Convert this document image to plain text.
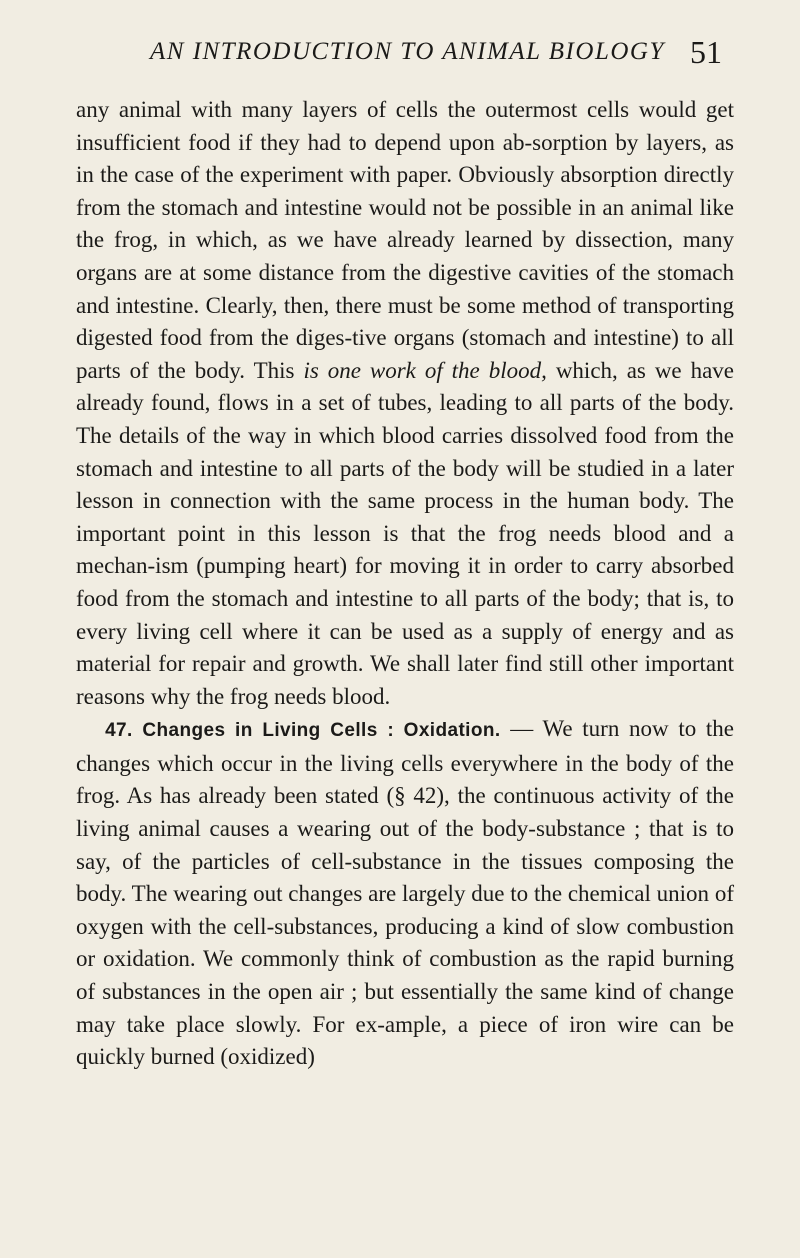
AN INTRODUCTION TO ANIMAL BIOLOGY 51

any animal with many layers of cells the outermost cells would get insufficient food if they had to depend upon ab-sorption by layers, as in the case of the experiment with paper. Obviously absorption directly from the stomach and intestine would not be possible in an animal like the frog, in which, as we have already learned by dissection, many organs are at some distance from the digestive cavities of the stomach and intestine. Clearly, then, there must be some method of transporting digested food from the diges-tive organs (stomach and intestine) to all parts of the body. This is one work of the blood, which, as we have already found, flows in a set of tubes, leading to all parts of the body. The details of the way in which blood carries dissolved food from the stomach and intestine to all parts of the body will be studied in a later lesson in connection with the same process in the human body. The important point in this lesson is that the frog needs blood and a mechan-ism (pumping heart) for moving it in order to carry absorbed food from the stomach and intestine to all parts of the body; that is, to every living cell where it can be used as a supply of energy and as material for repair and growth. We shall later find still other important reasons why the frog needs blood.

47. Changes in Living Cells : Oxidation. — We turn now to the changes which occur in the living cells everywhere in the body of the frog. As has already been stated (§ 42), the continuous activity of the living animal causes a wearing out of the body-substance ; that is to say, of the particles of cell-substance in the tissues composing the body. The wearing out changes are largely due to the chemical union of oxygen with the cell-substances, producing a kind of slow combustion or oxidation. We commonly think of combustion as the rapid burning of substances in the open air ; but essentially the same kind of change may take place slowly. For ex-ample, a piece of iron wire can be quickly burned (oxidized)
